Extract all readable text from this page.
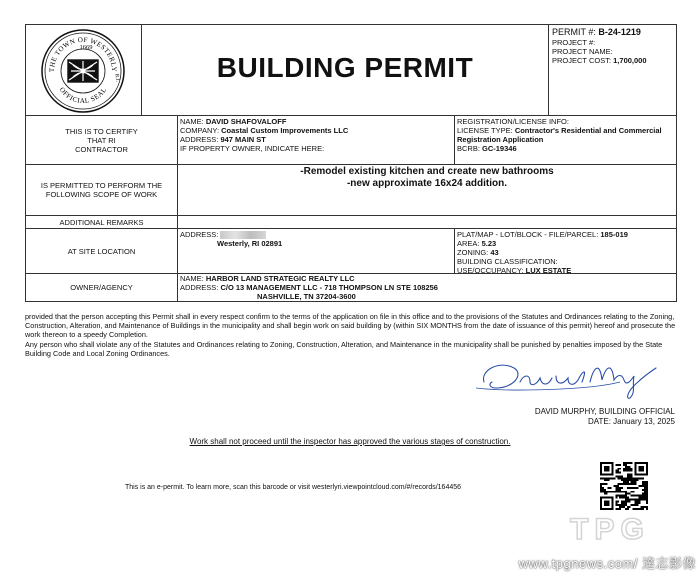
THE TOWN OF WESTERLY
OFFICIAL SEAL
1669
R.I.	BUILDING PERMIT
PERMIT #: B-24-1219
PROJECT #:
PROJECT NAME:
PROJECT COST: 1,700,000
THIS IS TO CERTIFY THAT RI CONTRACTOR
NAME: DAVID SHAFOVALOFF
COMPANY: Coastal Custom Improvements LLC
ADDRESS: 947 MAIN ST
IF PROPERTY OWNER, INDICATE HERE:
REGISTRATION/LICENSE INFO:
LICENSE TYPE: Contractor's Residential and Commercial Registration Application
BCRB: GC-19346
IS PERMITTED TO PERFORM THE FOLLOWING SCOPE OF WORK
-Remodel existing kitchen and create new bathrooms
-new approximate 16x24 addition.
ADDITIONAL REMARKS
AT SITE LOCATION
ADDRESS:
Westerly, RI 02891
PLAT/MAP - LOT/BLOCK - FILE/PARCEL: 185-019
AREA: 5.23
ZONING: 43
BUILDING CLASSIFICATION:
USE/OCCUPANCY: LUX ESTATE
OWNER/AGENCY
NAME: HARBOR LAND STRATEGIC REALTY LLC
ADDRESS: C/O 13 MANAGEMENT LLC - 718 THOMPSON LN STE 108256
NASHVILLE, TN 37204-3600
provided that the person accepting this Permit shall in every respect confirm to the terms of the application on file in this office and to the provisions of the Statutes and Ordinances relating to the Zoning, Construction, Alteration, and Maintenance of Buildings in the municipality and shall begin work on said building by (within SIX MONTHS from the date of issuance of this permit) hereof and prosecute the work thereon to a speedy Completion.
Any person who shall violate any of the Statutes and Ordinances relating to Zoning, Construction, Alteration, and Maintenance in the municipality shall be punished by penalties imposed by the State Building Code and Local Zoning Ordinances.
DAVID MURPHY, BUILDING OFFICIAL
DATE: January 13, 2025
Work shall not proceed until the inspector has approved the various stages of construction.
This is an e-permit. To learn more, scan this barcode or visit westerlyri.viewpointcloud.com/#/records/164456
TPG
www.tpgnews.com/ 達志影像
